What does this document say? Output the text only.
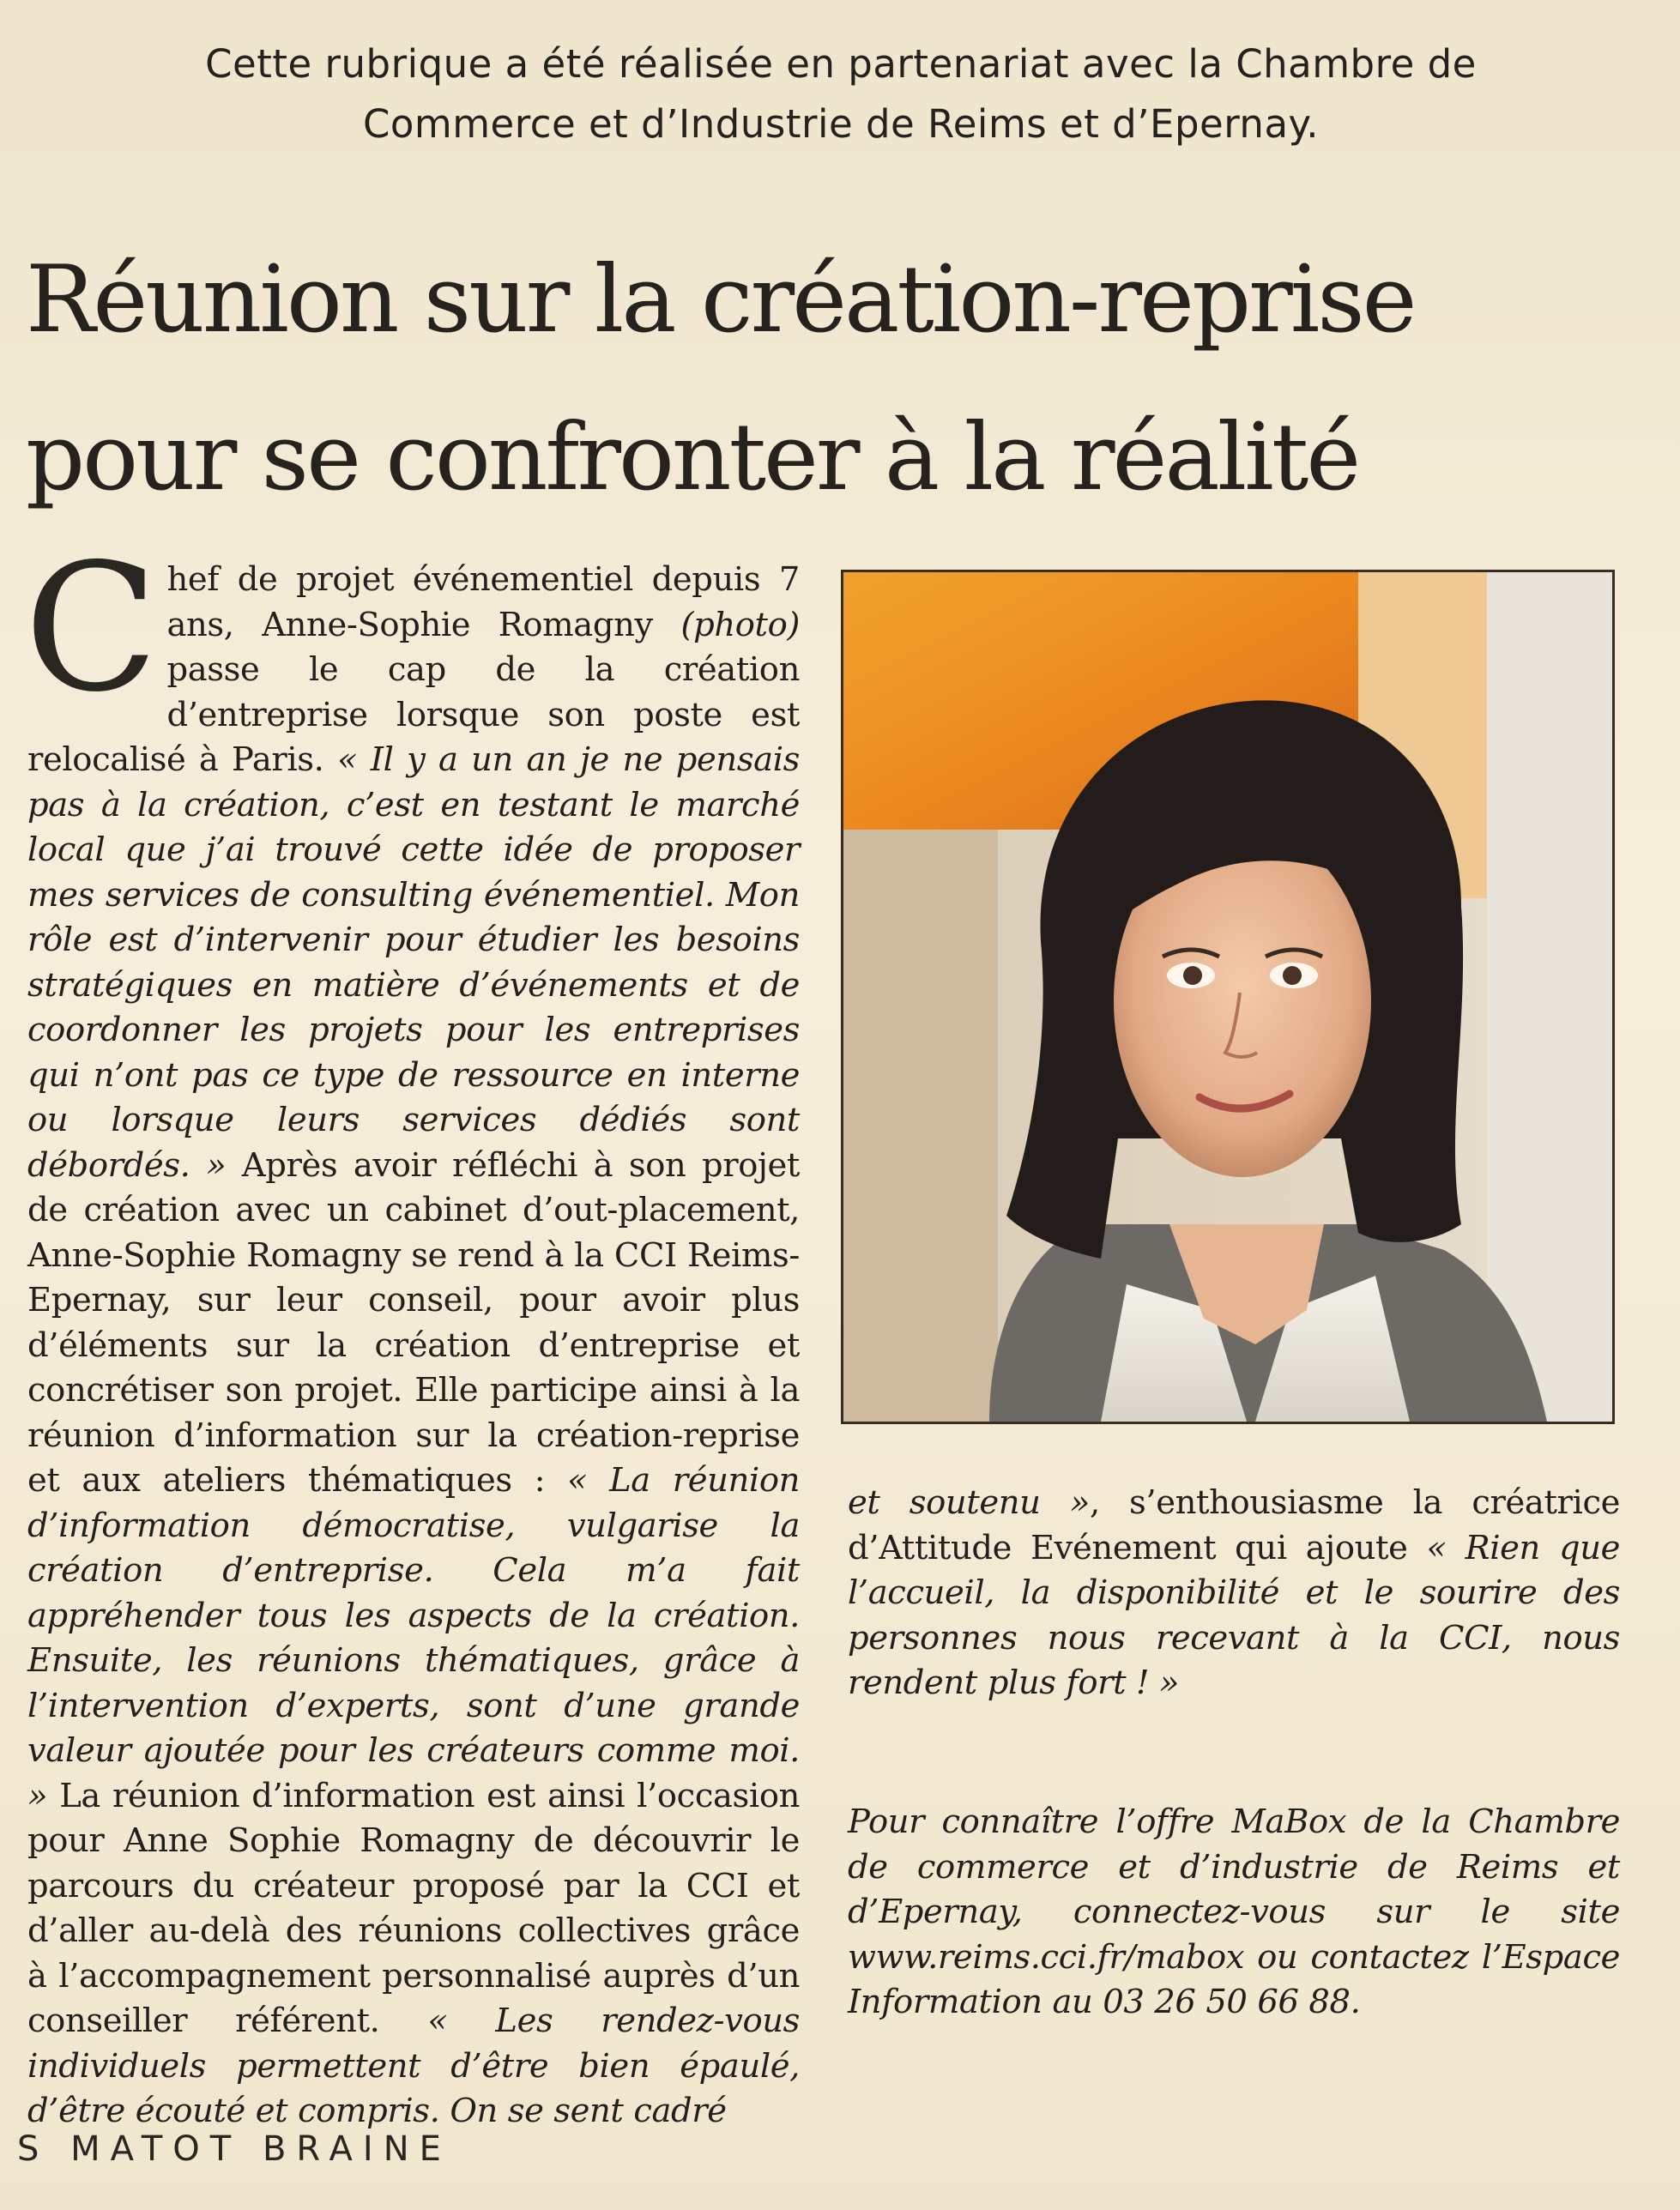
Cette rubrique a été réalisée en partenariat avec la Chambre de
Commerce et d’Industrie de Reims et d’Epernay.
Réunion sur la création-reprise
pour se confronter à la réalité
Chef de projet événementiel depuis 7 ans, Anne-Sophie Romagny (photo) passe le cap de la création d’entreprise lorsque son poste est relocalisé à Paris. « Il y a un an je ne pensais pas à la création, c’est en testant le marché local que j’ai trouvé cette idée de proposer mes services de consulting événementiel. Mon rôle est d’intervenir pour étudier les besoins stratégiques en matière d’événements et de coordonner les projets pour les entreprises qui n’ont pas ce type de ressource en interne ou lorsque leurs services dédiés sont débordés. » Après avoir réfléchi à son projet de création avec un cabinet d’out-placement, Anne-Sophie Romagny se rend à la CCI Reims-Epernay, sur leur conseil, pour avoir plus d’éléments sur la création d’entreprise et concrétiser son projet. Elle participe ainsi à la réunion d’information sur la création-reprise et aux ateliers thématiques : « La réunion d’information démocratise, vulgarise la création d’entreprise. Cela m’a fait appréhender tous les aspects de la création. Ensuite, les réunions thématiques, grâce à l’intervention d’experts, sont d’une grande valeur ajoutée pour les créateurs comme moi. » La réunion d’information est ainsi l’occasion pour Anne Sophie Romagny de découvrir le parcours du créateur proposé par la CCI et d’aller au-delà des réunions collectives grâce à l’accompagnement personnalisé auprès d’un conseiller référent. « Les rendez-vous individuels permettent d’être bien épaulé, d’être écouté et compris. On se sent cadré
et soutenu », s’enthousiasme la créatrice d’Attitude Evénement qui ajoute « Rien que l’accueil, la disponibilité et le sourire des personnes nous recevant à la CCI, nous rendent plus fort ! »
Pour connaître l’offre MaBox de la Chambre de commerce et d’industrie de Reims et d’Epernay, connectez-vous sur le site www.reims.cci.fr/mabox ou contactez l’Espace Information au 03 26 50 66 88.
S MATOT BRAINE
